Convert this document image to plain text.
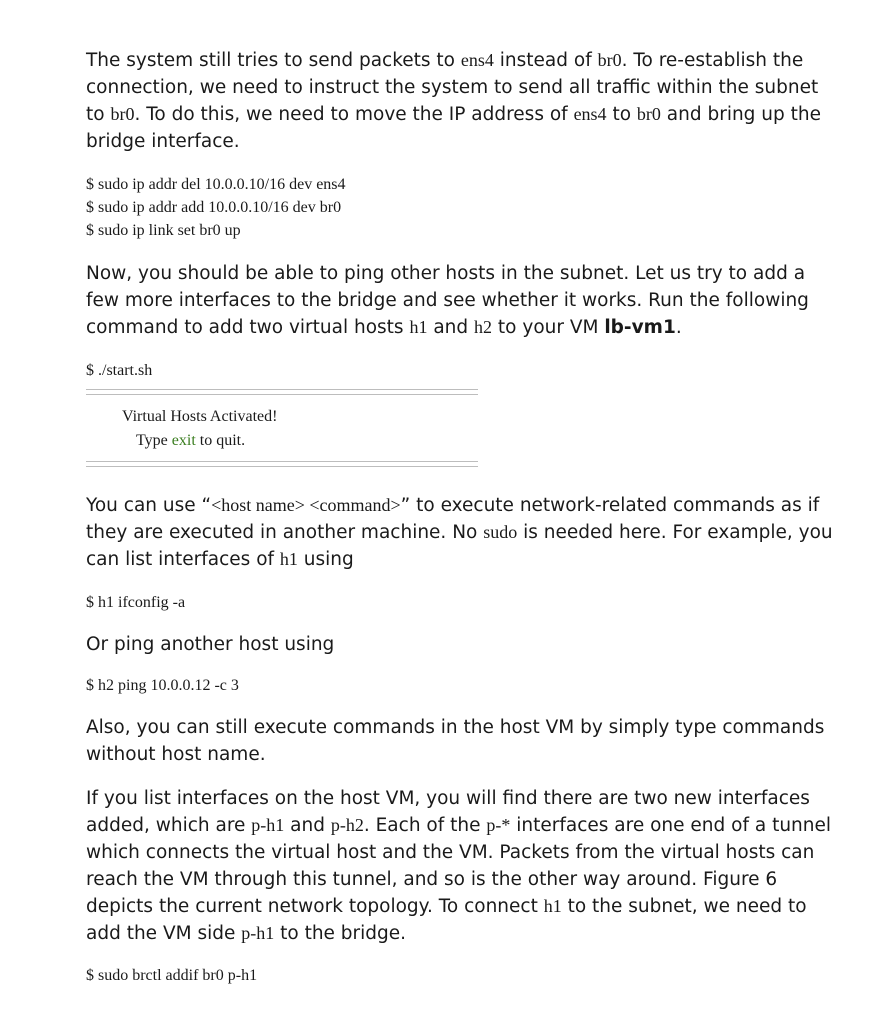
The system still tries to send packets to ens4 instead of br0. To re-establish the connection, we need to instruct the system to send all traffic within the subnet to br0. To do this, we need to move the IP address of ens4 to br0 and bring up the bridge interface.
$ sudo ip addr del 10.0.0.10/16 dev ens4
$ sudo ip addr add 10.0.0.10/16 dev br0
$ sudo ip link set br0 up
Now, you should be able to ping other hosts in the subnet. Let us try to add a few more interfaces to the bridge and see whether it works. Run the following command to add two virtual hosts h1 and h2 to your VM lb-vm1.
$ ./start.sh
Virtual Hosts Activated!
Type exit to quit.
You can use “<host name> <command>” to execute network-related commands as if they are executed in another machine. No sudo is needed here. For example, you can list interfaces of h1 using
$ h1 ifconfig -a
Or ping another host using
$ h2 ping 10.0.0.12 -c 3
Also, you can still execute commands in the host VM by simply type commands without host name.
If you list interfaces on the host VM, you will find there are two new interfaces added, which are p-h1 and p-h2. Each of the p-* interfaces are one end of a tunnel which connects the virtual host and the VM. Packets from the virtual hosts can reach the VM through this tunnel, and so is the other way around. Figure 6 depicts the current network topology. To connect h1 to the subnet, we need to add the VM side p-h1 to the bridge.
$ sudo brctl addif br0 p-h1
